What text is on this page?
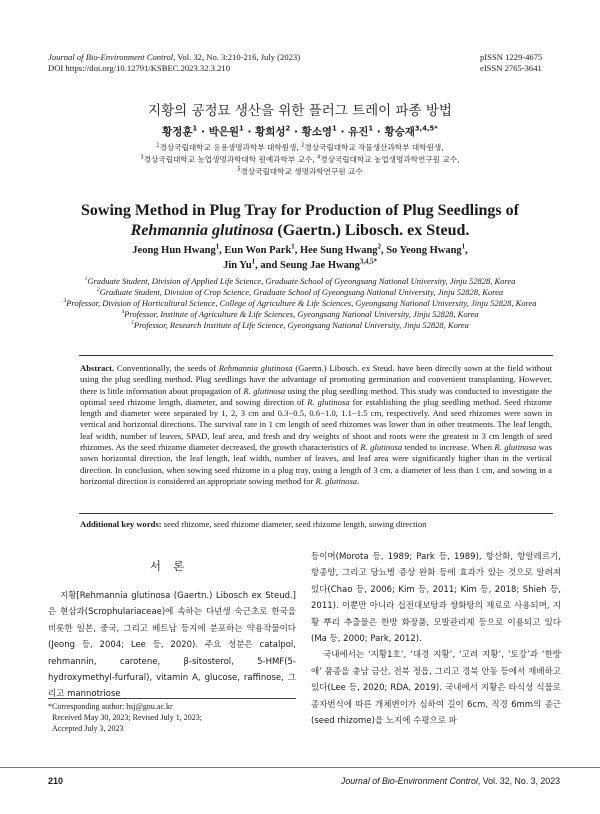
Journal of Bio-Environment Control, Vol. 32, No. 3:210-216, July (2023)
DOI https://doi.org/10.12791/KSBEC.2023.32.3.210
pISSN 1229-4675
eISSN 2765-3641
지황의 공정묘 생산을 위한 플러그 트레이 파종 방법
황정훈$^1$ · 박은원$^1$ · 황희성$^2$ · 황소영$^1$ · 유진$^1$ · 황승재$^{3,4,5*}$
$^1$경상국립대학교 응용생명과학부 대학원생, $^2$경상국립대학교 작물생산과학부 대학원생,
$^3$경상국립대학교 농업생명과학대학 원예과학부 교수, $^4$경상국립대학교 농업생명과학연구원 교수,
$^5$경상국립대학교 생명과학연구원 교수
Sowing Method in Plug Tray for Production of Plug Seedlings of
Rehmannia glutinosa (Gaertn.) Libosch. ex Steud.
Jeong Hun Hwang$^1$, Eun Won Park$^1$, Hee Sung Hwang$^2$, So Yeong Hwang$^1$,
Jin Yu$^1$, and Seung Jae Hwang$^{3,4,5*}$
$^1$Graduate Student, Division of Applied Life Science, Graduate School of Gyeongsang National University, Jinju 52828, Korea
$^2$Graduate Student, Division of Crop Science, Graduate School of Gyeongsang National University, Jinju 52828, Korea
$^3$Professor, Division of Horticultural Science, College of Agriculture & Life Sciences, Gyeongsang National University, Jinju 52828, Korea
$^4$Professor, Institute of Agriculture & Life Sciences, Gyeongsang National University, Jinju 52828, Korea
$^5$Professor, Research Institute of Life Science, Gyeongsang National University, Jinju 52828, Korea
Abstract. Conventionally, the seeds of Rehmannia glutinosa (Gaertn.) Libosch. ex Steud. have been directly sown at the field without using the plug seedling method. Plug seedlings have the advantage of promoting germination and convenient transplanting. However, there is little information about propagation of R. glutinosa using the plug seedling method. This study was conducted to investigate the optimal seed rhizome length, diameter, and sowing direction of R. glutinosa for establishing the plug seedling method. Seed rhizome length and diameter were separated by 1, 2, 3 cm and 0.3−0.5, 0.6−1.0, 1.1−1.5 cm, respectively. And seed rhizomes were sown in vertical and horizontal directions. The survival rate in 1 cm length of seed rhizomes was lower than in other treatments. The leaf length, leaf width, number of leaves, SPAD, leaf area, and fresh and dry weights of shoot and roots were the greatest in 3 cm length of seed rhizomes. As the seed rhizome diameter decreased, the growth characteristics of R. glutinosa tended to increase. When R. glutinosa was sown horizontal direction, the leaf length, leaf width, number of leaves, and leaf area were significantly higher than in the vertical direction. In conclusion, when sowing seed rhizome in a plug tray, using a length of 3 cm, a diameter of less than 1 cm, and sowing in a horizontal direction is considered an appropriate sowing method for R. glutinosa.
Additional key words: seed rhizome, seed rhizome diameter, seed rhizome length, sowing direction
서론

지황[Rehmannia glutinosa (Gaertn.) Libosch ex Steud.]은 현삼과(Scrophulariaceae)에 속하는 다년생 숙근초로 한국을 비롯한 일본, 중국, 그리고 베트남 등지에 분포하는 약용작물이다(Jeong 등, 2004; Lee 등, 2020). 주요 성분은 catalpol, rehmannin, carotene, β-sitosterol, 5-HMF(5-hydroxymethyl-furfural), vitamin A, glucose, raffinose, 그리고 mannotriose

등이며(Morota 등, 1989; Park 등, 1989), 항산화, 항알레르기, 항종양, 그리고 당뇨병 증상 완화 등에 효과가 있는 것으로 알려져 있다(Chao 등, 2006; Kim 등, 2011; Kim 등, 2018; Shieh 등, 2011). 이뿐만 아니라 십전대보탕과 쌍화탕의 재료로 사용되며, 지황 뿌리 추출물은 한방 화장품, 모발관리제 등으로 이용되고 있다(Ma 등, 2000; Park, 2012).

국내에서는 ‘지황1호’, ‘대경 지황’, ‘고려 지황’, ‘토강’과 ‘한방애’ 품종을 충남 금산, 전북 정읍, 그리고 경북 안동 등에서 재배하고 있다(Lee 등, 2020; RDA, 2019). 국내에서 지황은 타식성 식물로 종자번식에 따른 개체변이가 심하여 길이 6cm, 직경 6mm의 종근(seed rhizome)을 노지에 수평으로 파

*Corresponding author: hsj@gnu.ac.kr
Received May 30, 2023; Revised July 1, 2023;
Accepted July 3, 2023
210	Journal of Bio-Environment Control, Vol. 32, No. 3, 2023
